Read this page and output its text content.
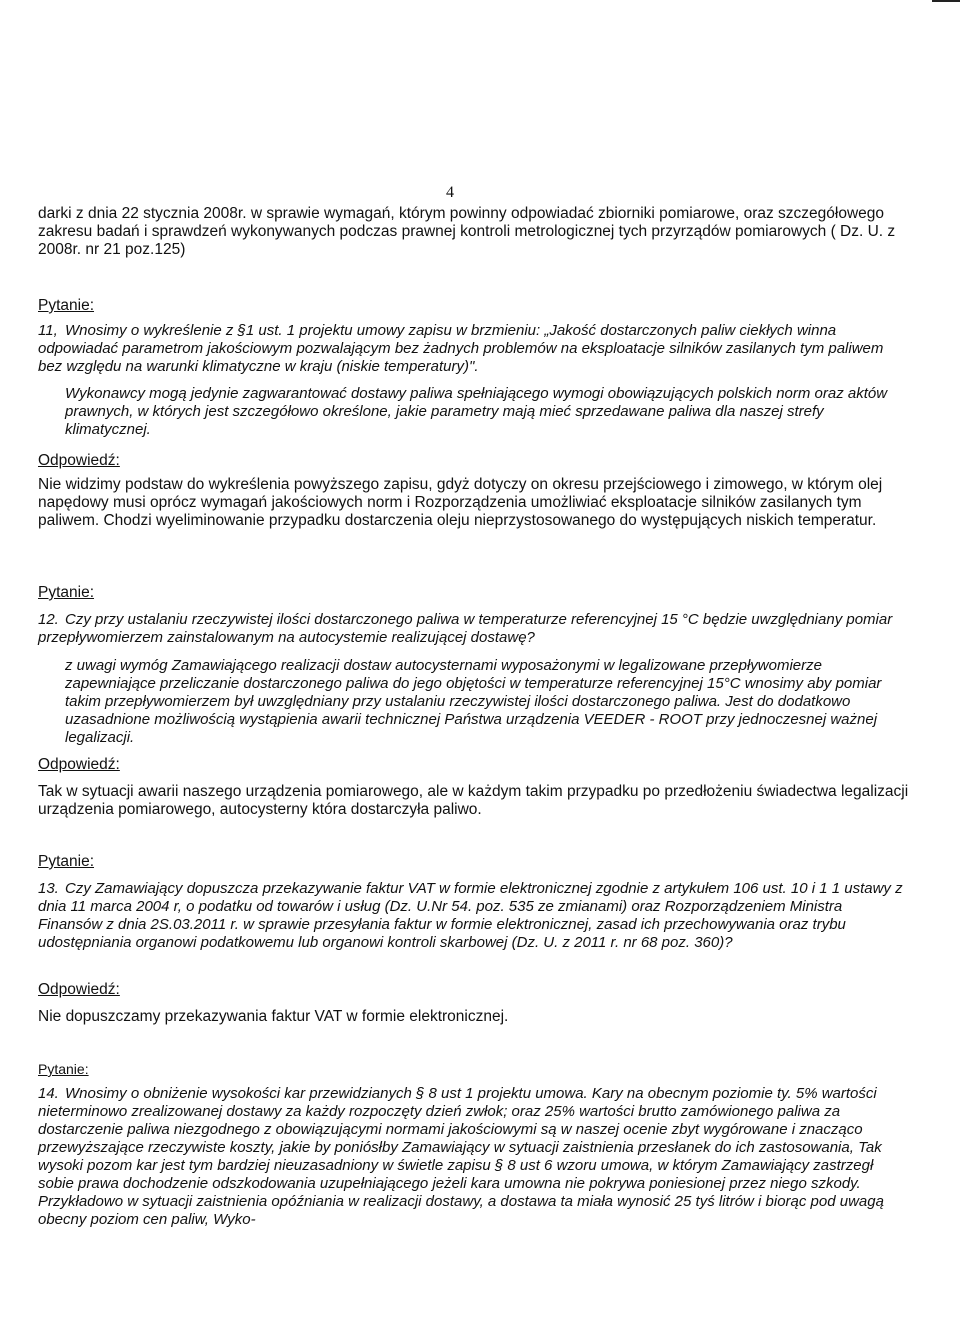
4

darki z dnia 22 stycznia 2008r. w sprawie wymagań, którym powinny odpowiadać zbiorniki pomiarowe, oraz szczegółowego zakresu badań i sprawdzeń wykonywanych podczas prawnej kontroli metrologicznej tych przyrządów pomiarowych ( Dz. U. z 2008r. nr 21 poz.125)

Pytanie:

11, Wnosimy o wykreślenie z §1 ust. 1 projektu umowy zapisu w brzmieniu: „Jakość dostarczonych paliw ciekłych winna odpowiadać parametrom jakościowym pozwalającym bez żadnych problemów na eksploatacje silników zasilanych tym paliwem bez względu na warunki klimatyczne w kraju (niskie temperatury)".

Wykonawcy mogą jedynie zagwarantować dostawy paliwa spełniającego wymogi obowiązujących polskich norm oraz aktów prawnych, w których jest szczegółowo określone, jakie parametry mają mieć sprzedawane paliwa dla naszej strefy klimatycznej.

Odpowiedź:

Nie widzimy podstaw do wykreślenia powyższego zapisu, gdyż dotyczy on okresu przejściowego i zimowego, w którym olej napędowy musi oprócz wymagań jakościowych norm i Rozporządzenia umożliwiać eksploatacje silników zasilanych tym paliwem. Chodzi wyeliminowanie przypadku dostarczenia oleju nieprzystosowanego do występujących niskich temperatur.

Pytanie:

12. Czy przy ustalaniu rzeczywistej ilości dostarczonego paliwa w temperaturze referencyjnej 15 °C będzie uwzględniany pomiar przepływomierzem zainstalowanym na autocystemie realizującej dostawę?

z uwagi wymóg Zamawiającego realizacji dostaw autocysternami wyposażonymi w legalizowane przepływomierze zapewniające przeliczanie dostarczonego paliwa do jego objętości w temperaturze referencyjnej 15°C wnosimy aby pomiar takim przepływomierzem był uwzględniany przy ustalaniu rzeczywistej ilości dostarczonego paliwa. Jest do dodatkowo uzasadnione możliwością wystąpienia awarii technicznej Państwa urządzenia VEEDER - ROOT przy jednoczesnej ważnej legalizacji.

Odpowiedź:

Tak w sytuacji awarii naszego urządzenia pomiarowego, ale w każdym takim przypadku po przedłożeniu świadectwa legalizacji urządzenia pomiarowego, autocysterny która dostarczyła paliwo.

Pytanie:

13. Czy Zamawiający dopuszcza przekazywanie faktur VAT w formie elektronicznej zgodnie z artykułem 106 ust. 10 i 1 1 ustawy z dnia 11 marca 2004 r, o podatku od towarów i usług (Dz. U.Nr 54. poz. 535 ze zmianami) oraz Rozporządzeniem Ministra Finansów z dnia 2S.03.2011 r. w sprawie przesyłania faktur w formie elektronicznej, zasad ich przechowywania oraz trybu udostępniania organowi podatkowemu lub organowi kontroli skarbowej (Dz. U. z 2011 r. nr 68 poz. 360)?

Odpowiedź:

Nie dopuszczamy przekazywania faktur VAT w formie elektronicznej.

Pytanie:

14. Wnosimy o obniżenie wysokości kar przewidzianych § 8 ust 1 projektu umowa. Kary na obecnym poziomie ty. 5% wartości nieterminowo zrealizowanej dostawy za każdy rozpoczęty dzień zwłok; oraz 25% wartości brutto zamówionego paliwa za dostarczenie paliwa niezgodnego z obowiązującymi normami jakościowymi są w naszej ocenie zbyt wygórowane i znacząco przewyższające rzeczywiste koszty, jakie by poniósłby Zamawiający w sytuacji zaistnienia przesłanek do ich zastosowania, Tak wysoki pozom kar jest tym bardziej nieuzasadniony w świetle zapisu § 8 ust 6 wzoru umowa, w którym Zamawiający zastrzegł sobie prawa dochodzenie odszkodowania uzupełniającego jeżeli kara umowna nie pokrywa poniesionej przez niego szkody. Przykładowo w sytuacji zaistnienia opóźniania w realizacji dostawy, a dostawa ta miała wynosić 25 tyś litrów i biorąc pod uwagą obecny poziom cen paliw, Wyko-
